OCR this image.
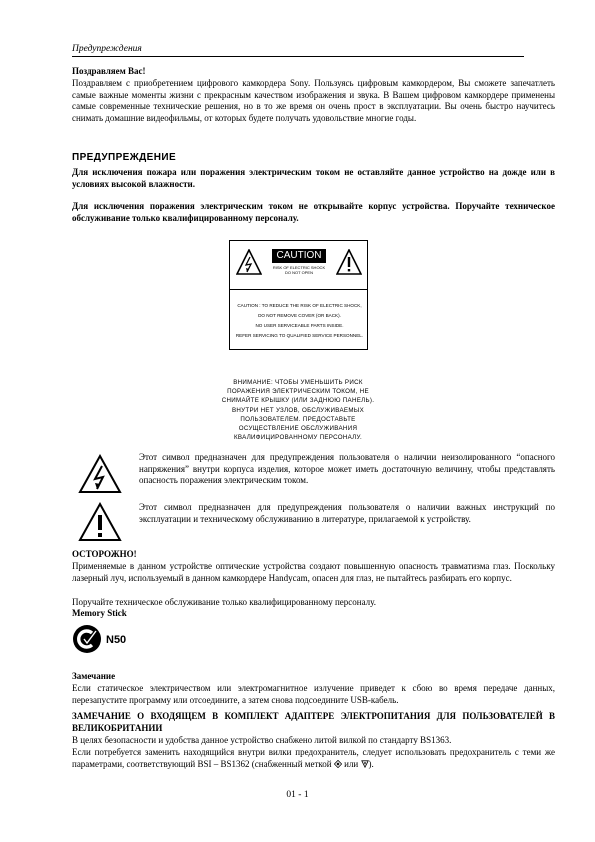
Предупреждения
Поздравляем Вас!
Поздравляем с приобретением цифрового камкордера Sony. Пользуясь цифровым камкордером, Вы сможете запечатлеть самые важные моменты жизни с прекрасным качеством изображения и звука. В Вашем цифровом камкордере применены самые современные технические решения, но в то же время он очень прост в эксплуатации. Вы очень быстро научитесь снимать домашние видеофильмы, от которых будете получать удовольствие многие годы.
ПРЕДУПРЕЖДЕНИЕ
Для исключения пожара или поражения электрическим током не оставляйте данное устройство на дожде или в условиях высокой влажности.
Для исключения поражения электрическим током не открывайте корпус устройства. Поручайте техническое обслуживание только квалифицированному персоналу.
CAUTION
RISK OF ELECTRIC SHOCK
DO NOT OPEN
CAUTION : TO REDUCE THE RISK OF ELECTRIC SHOCK,
DO NOT REMOVE COVER (OR BACK).
NO USER SERVICEABLE PARTS INSIDE.
REFER SERVICING TO QUALIFIED SERVICE PERSONNEL.
ВНИМАНИЕ: ЧТОБЫ УМЕНЬШИТЬ РИСК
ПОРАЖЕНИЯ ЭЛЕКТРИЧЕСКИМ ТОКОМ, НЕ
СНИМАЙТЕ КРЫШКУ (ИЛИ ЗАДНЮЮ ПАНЕЛЬ).
ВНУТРИ НЕТ УЗЛОВ, ОБСЛУЖИВАЕМЫХ
ПОЛЬЗОВАТЕЛЕМ. ПРЕДОСТАВЬТЕ
ОСУЩЕСТВЛЕНИЕ ОБСЛУЖИВАНИЯ
КВАЛИФИЦИРОВАННОМУ ПЕРСОНАЛУ.
Этот символ предназначен для предупреждения пользователя о наличии неизолированного “опасного напряжения” внутри корпуса изделия, которое может иметь достаточную величину, чтобы представлять опасность поражения электрическим током.
Этот символ предназначен для предупреждения пользователя о наличии важных инструкций по эксплуатации и техническому обслуживанию в литературе, прилагаемой к устройству.
ОСТОРОЖНО!
Применяемые в данном устройстве оптические устройства создают повышенную опасность травматизма глаз. Поскольку лазерный луч, используемый в данном камкордере Handycam, опасен для глаз, не пытайтесь разбирать его корпус.
Поручайте техническое обслуживание только квалифицированному персоналу.
Memory Stick
N50
Замечание
Если статическое электричеством или электромагнитное излучение приведет к сбою во время передаче данных, перезапустите программу или отсоедините, а затем снова подсоедините USB-кабель.
ЗАМЕЧАНИЕ О ВХОДЯЩЕМ В КОМПЛЕКТ АДАПТЕРЕ ЭЛЕКТРОПИТАНИЯ ДЛЯ ПОЛЬЗОВАТЕЛЕЙ В ВЕЛИКОБРИТАНИИ
В целях безопасности и удобства данное устройство снабжено литой вилкой по стандарту BS1363.
Если потребуется заменить находящийся внутри вилки предохранитель, следует использовать предохранитель с теми же параметрами, соответствующий BSI – BS1362 (снабженный меткой или ).
01 - 1
